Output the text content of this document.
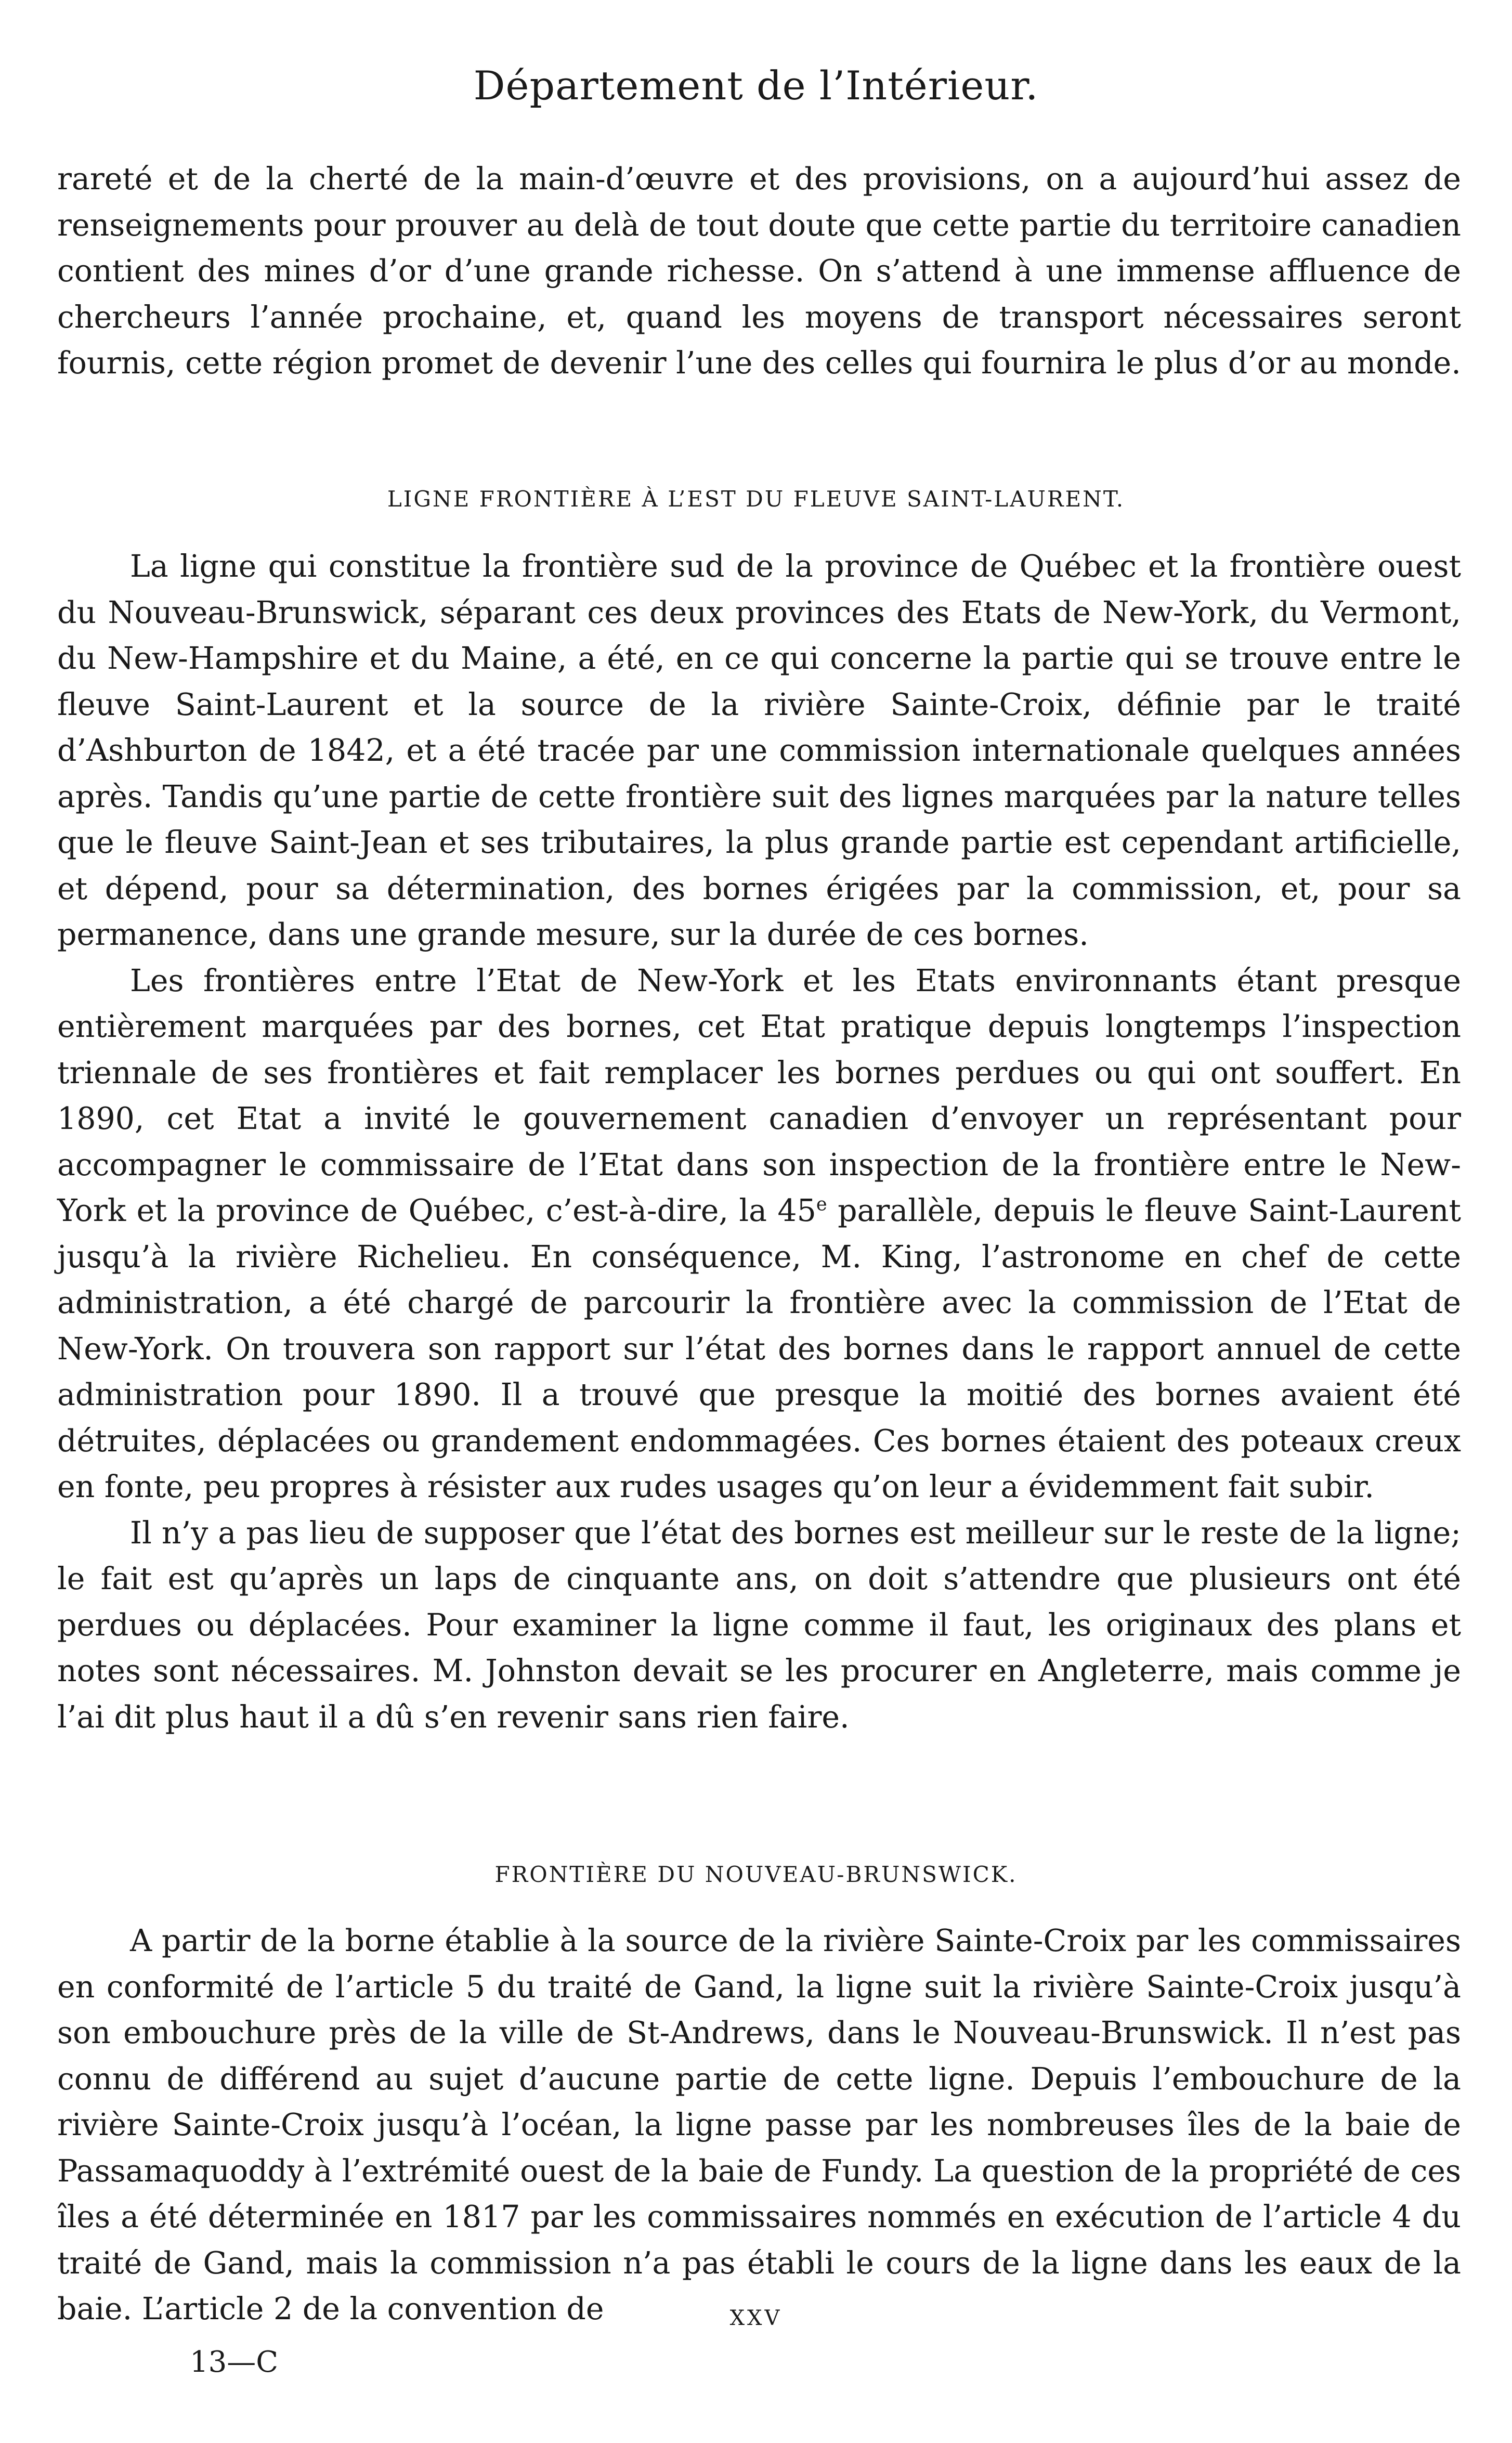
Département de l’Intérieur.

rareté et de la cherté de la main-d’œuvre et des provisions, on a aujourd’hui assez de renseignements pour prouver au delà de tout doute que cette partie du territoire canadien contient des mines d’or d’une grande richesse. On s’attend à une immense affluence de chercheurs l’année prochaine, et, quand les moyens de transport nécessaires seront fournis, cette région promet de devenir l’une des celles qui fournira le plus d’or au monde.

LIGNE FRONTIÈRE À L’EST DU FLEUVE SAINT-LAURENT.

La ligne qui constitue la frontière sud de la province de Québec et la frontière ouest du Nouveau-Brunswick, séparant ces deux provinces des Etats de New-York, du Vermont, du New-Hampshire et du Maine, a été, en ce qui concerne la partie qui se trouve entre le fleuve Saint-Laurent et la source de la rivière Sainte-Croix, définie par le traité d’Ashburton de 1842, et a été tracée par une commission internationale quelques années après. Tandis qu’une partie de cette frontière suit des lignes marquées par la nature telles que le fleuve Saint-Jean et ses tributaires, la plus grande partie est cependant artificielle, et dépend, pour sa détermination, des bornes érigées par la commission, et, pour sa permanence, dans une grande mesure, sur la durée de ces bornes.

Les frontières entre l’Etat de New-York et les Etats environnants étant presque entièrement marquées par des bornes, cet Etat pratique depuis longtemps l’inspection triennale de ses frontières et fait remplacer les bornes perdues ou qui ont souffert. En 1890, cet Etat a invité le gouvernement canadien d’envoyer un représentant pour accompagner le commissaire de l’Etat dans son inspection de la frontière entre le New-York et la province de Québec, c’est-à-dire, la 45e parallèle, depuis le fleuve Saint-Laurent jusqu’à la rivière Richelieu. En conséquence, M. King, l’astronome en chef de cette administration, a été chargé de parcourir la frontière avec la commission de l’Etat de New-York. On trouvera son rapport sur l’état des bornes dans le rapport annuel de cette administration pour 1890. Il a trouvé que presque la moitié des bornes avaient été détruites, déplacées ou grandement endommagées. Ces bornes étaient des poteaux creux en fonte, peu propres à résister aux rudes usages qu’on leur a évidemment fait subir.

Il n’y a pas lieu de supposer que l’état des bornes est meilleur sur le reste de la ligne; le fait est qu’après un laps de cinquante ans, on doit s’attendre que plusieurs ont été perdues ou déplacées. Pour examiner la ligne comme il faut, les originaux des plans et notes sont nécessaires. M. Johnston devait se les procurer en Angleterre, mais comme je l’ai dit plus haut il a dû s’en revenir sans rien faire.

FRONTIÈRE DU NOUVEAU-BRUNSWICK.

A partir de la borne établie à la source de la rivière Sainte-Croix par les commissaires en conformité de l’article 5 du traité de Gand, la ligne suit la rivière Sainte-Croix jusqu’à son embouchure près de la ville de St-Andrews, dans le Nouveau-Brunswick. Il n’est pas connu de différend au sujet d’aucune partie de cette ligne. Depuis l’embouchure de la rivière Sainte-Croix jusqu’à l’océan, la ligne passe par les nombreuses îles de la baie de Passamaquoddy à l’extrémité ouest de la baie de Fundy. La question de la propriété de ces îles a été déterminée en 1817 par les commissaires nommés en exécution de l’article 4 du traité de Gand, mais la commission n’a pas établi le cours de la ligne dans les eaux de la baie. L’article 2 de la convention de	XXV
13—C
